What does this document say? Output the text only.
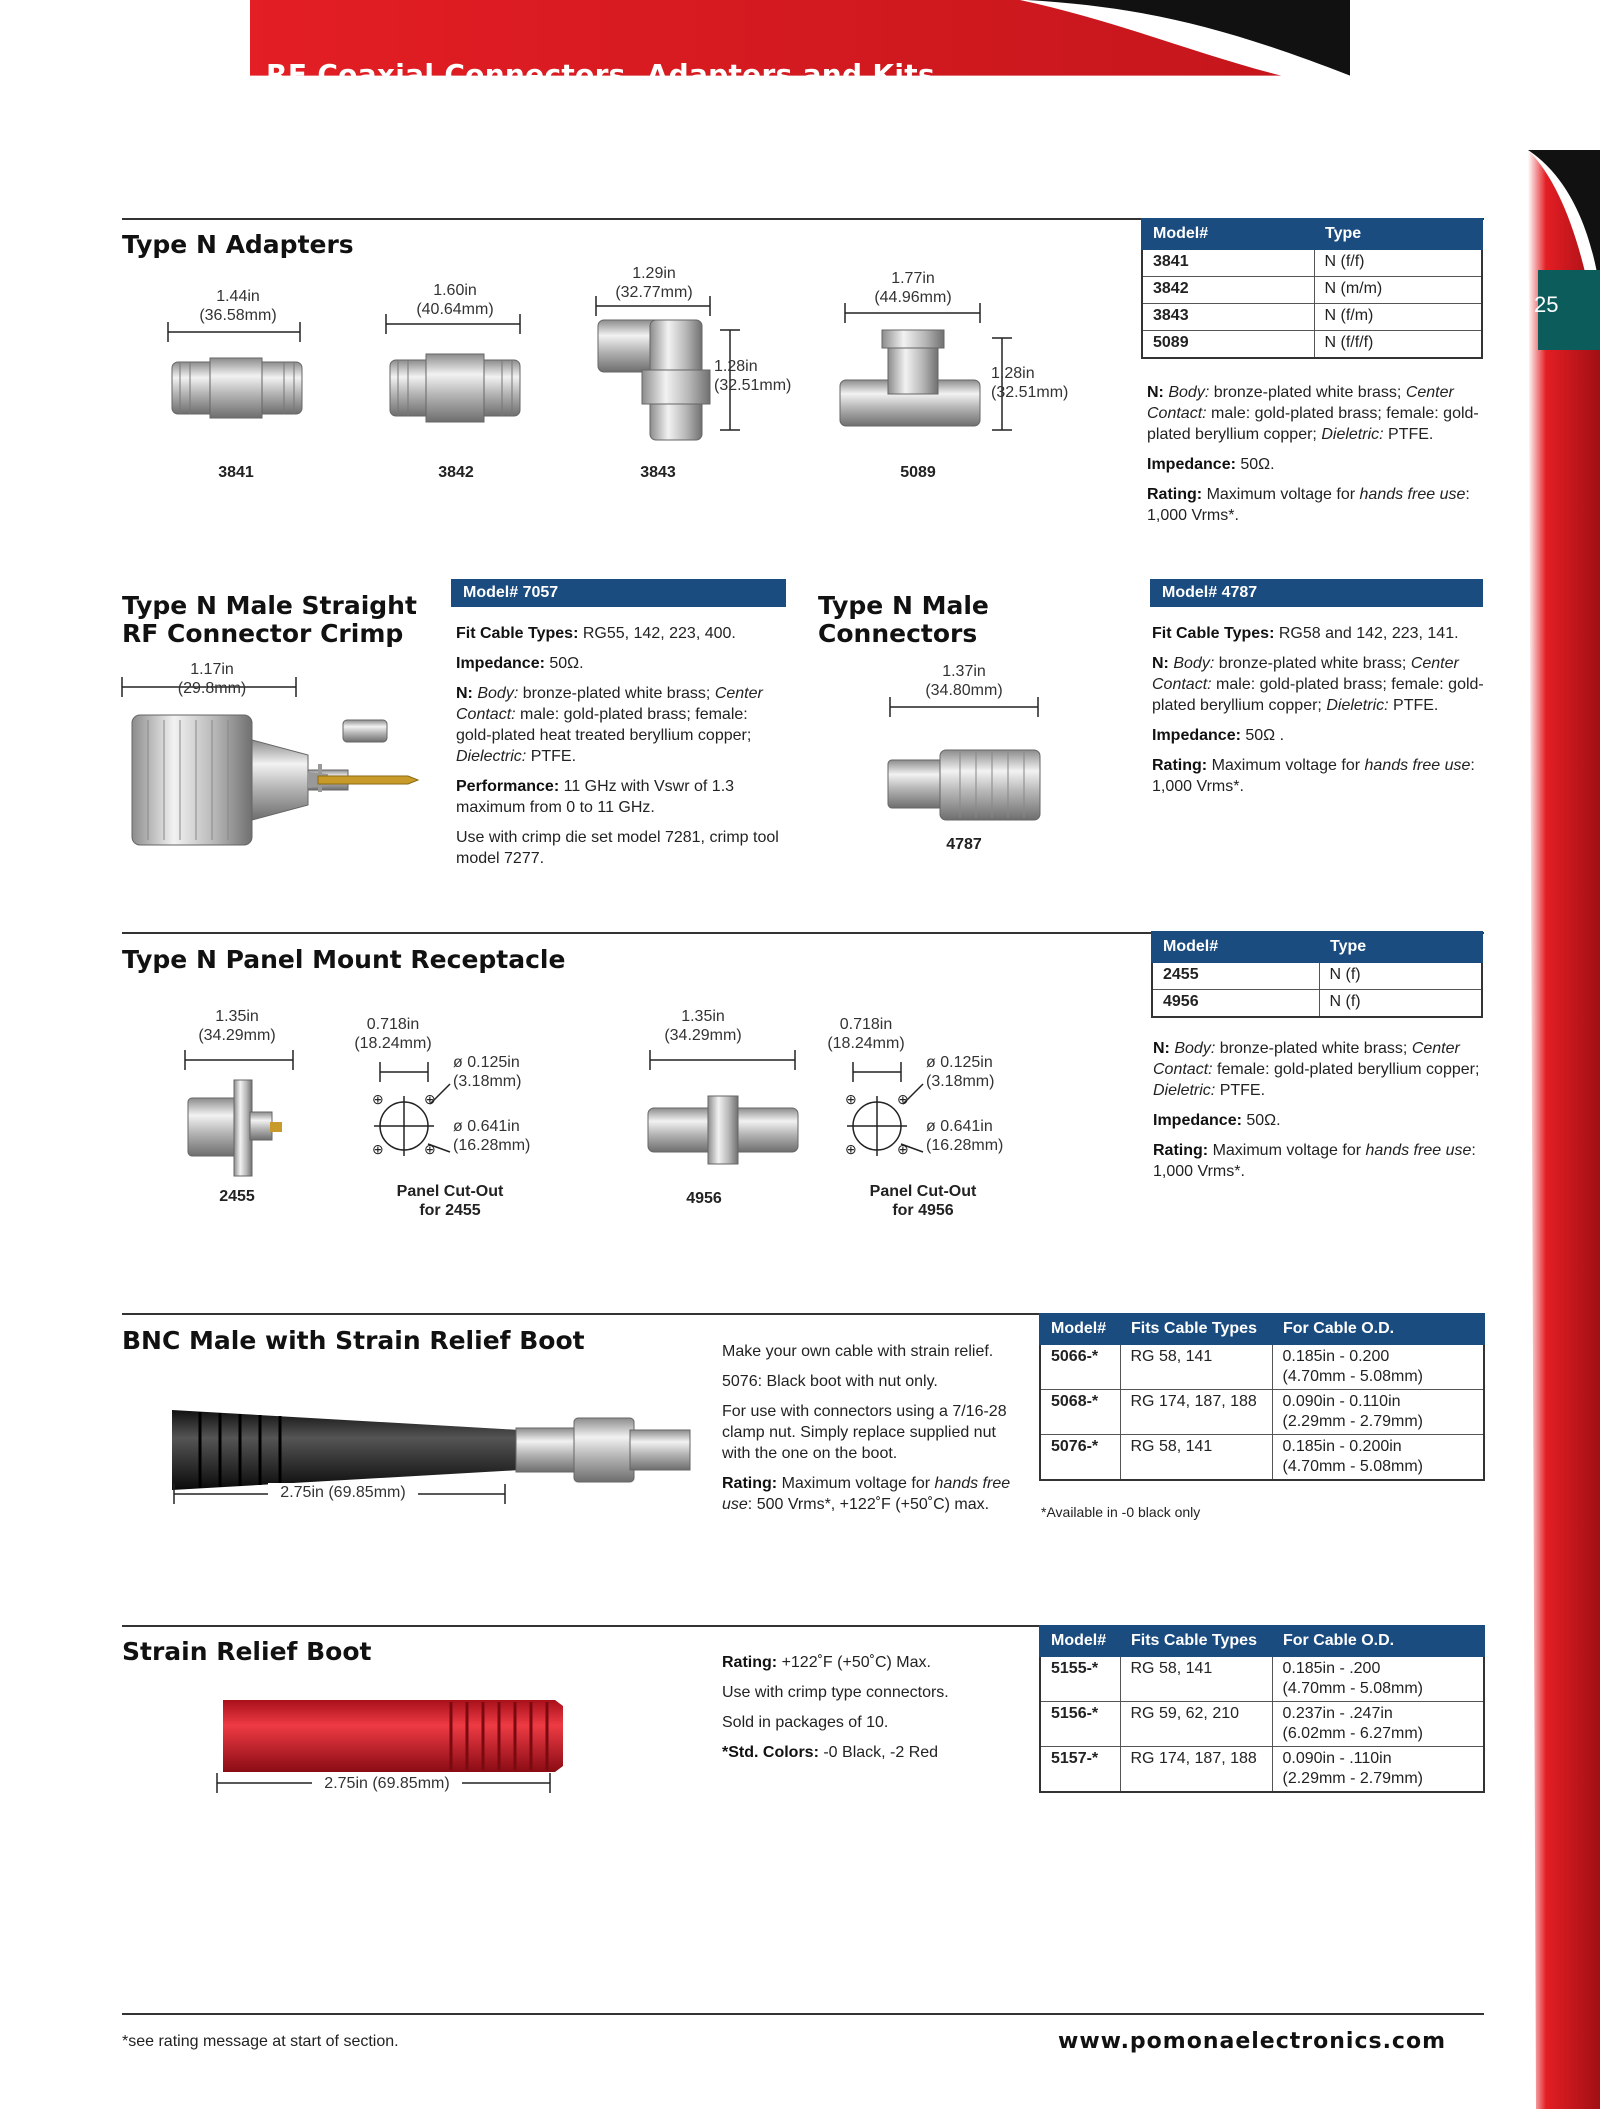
RF Coaxial Connectors, Adapters and Kits
25
Type N Adapters
1.44in
(36.58mm)
1.60in
(40.64mm)
1.29in
(32.77mm)
1.28in
(32.51mm)
1.77in
(44.96mm)
1.28in
(32.51mm)
3841	3842	3843	5089
Model#	Type
3841	N (f/f)
3842	N (m/m)
3843	N (f/m)
5089	N (f/f/f)

N: Body: bronze-plated white brass; Center Contact: male: gold-plated brass; female: gold-plated beryllium copper; Dieletric: PTFE.

Impedance: 50Ω.

Rating: Maximum voltage for hands free use: 1,000 Vrms*.

Type N Male Straight
RF Connector Crimp
Model# 7057
1.17in
(29.8mm)

Fit Cable Types: RG55, 142, 223, 400.

Impedance: 50Ω.

N: Body: bronze-plated white brass; Center Contact: male: gold-plated brass; female: gold-plated heat treated beryllium copper; Dielectric: PTFE.

Performance: 11 GHz with Vswr of 1.3 maximum from 0 to 11 GHz.

Use with crimp die set model 7281, crimp tool model 7277.

Type N Male
Connectors
Model# 4787
1.37in
(34.80mm)
4787

Fit Cable Types: RG58 and 142, 223, 141.

N: Body: bronze-plated white brass; Center Contact: male: gold-plated brass; female: gold-plated beryllium copper; Dieletric: PTFE.

Impedance: 50Ω .

Rating: Maximum voltage for hands free use: 1,000 Vrms*.

Type N Panel Mount Receptacle
⊕	⊕
⊕	⊕
⊕	⊕
⊕	⊕
1.35in
(34.29mm)
0.718in
(18.24mm)
ø 0.125in
(3.18mm)
ø 0.641in
(16.28mm)
1.35in
(34.29mm)
0.718in
(18.24mm)
ø 0.125in
(3.18mm)
ø 0.641in
(16.28mm)
2455	Panel Cut-Out
for 2455
4956	Panel Cut-Out
for 4956
Model#	Type
2455	N (f)
4956	N (f)

N: Body: bronze-plated white brass; Center Contact: female: gold-plated beryllium copper; Dieletric: PTFE.

Impedance: 50Ω.

Rating: Maximum voltage for hands free use: 1,000 Vrms*.

BNC Male with Strain Relief Boot
2.75in (69.85mm)

Make your own cable with strain relief.

5076: Black boot with nut only.

For use with connectors using a 7/16-28 clamp nut. Simply replace supplied nut with the one on the boot.

Rating: Maximum voltage for hands free use: 500 Vrms*, +122˚F (+50˚C) max.

Model#	Fits Cable Types	For Cable O.D.
5066-*	RG 58, 141	0.185in - 0.200
(4.70mm - 5.08mm)
5068-*	RG 174, 187, 188	0.090in - 0.110in
(2.29mm - 2.79mm)
5076-*	RG 58, 141	0.185in - 0.200in
(4.70mm - 5.08mm)
*Available in -0 black only
Strain Relief Boot
2.75in (69.85mm)

Rating: +122˚F (+50˚C) Max.

Use with crimp type connectors.

Sold in packages of 10.

*Std. Colors: -0 Black, -2 Red

Model#	Fits Cable Types	For Cable O.D.
5155-*	RG 58, 141	0.185in - .200
(4.70mm - 5.08mm)
5156-*	RG 59, 62, 210	0.237in - .247in
(6.02mm - 6.27mm)
5157-*	RG 174, 187, 188	0.090in - .110in
(2.29mm - 2.79mm)
*see rating message at start of section.	www.pomonaelectronics.com
